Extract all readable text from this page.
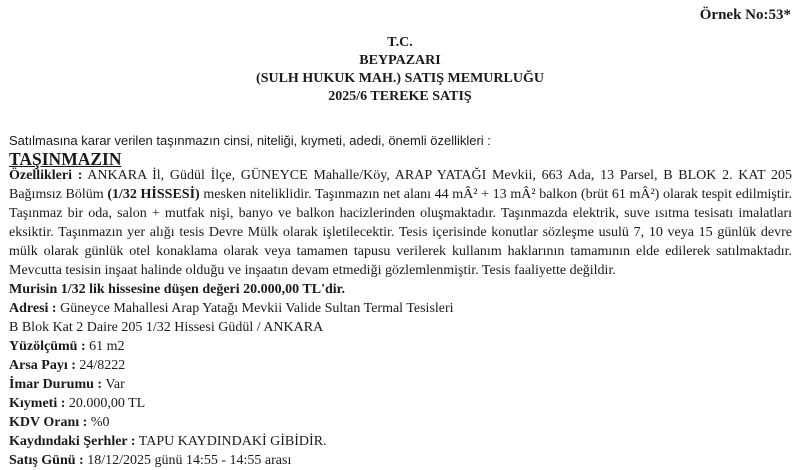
Örnek No:53*
T.C.
BEYPAZARI
(SULH HUKUK MAH.) SATIŞ MEMURLUĞU
2025/6 TEREKE SATIŞ
Satılmasına karar verilen taşınmazın cinsi, niteliği, kıymeti, adedi, önemli özellikleri :
TAŞINMAZIN
Özellikleri : ANKARA İl, Güdül İlçe, GÜNEYCE Mahalle/Köy, ARAP YATAĞI Mevkii, 663 Ada, 13 Parsel, B BLOK 2. KAT 205 Bağımsız Bölüm (1/32 HİSSESİ) mesken niteliklidir. Taşınmazın net alanı 44 mÂ² + 13 mÂ² balkon (brüt 61 mÂ²) olarak tespit edilmiştir. Taşınmaz bir oda, salon + mutfak nişi, banyo ve balkon hacizlerinden oluşmaktadır. Taşınmazda elektrik, suve ısıtma tesisatı imalatları eksiktir. Taşınmazın yer alığı tesis Devre Mülk olarak işletilecektir. Tesis içerisinde konutlar sözleşme usulü 7, 10 veya 15 günlük devre mülk olarak günlük otel konaklama olarak veya tamamen tapusu verilerek kullanım haklarının tamamının elde edilerek satılmaktadır. Mevcutta tesisin inşaat halinde olduğu ve inşaatın devam etmediği gözlemlenmiştir. Tesis faaliyette değildir.
Murisin 1/32 lik hissesine düşen değeri 20.000,00 TL'dir.
Adresi : Güneyce Mahallesi Arap Yatağı Mevkii Valide Sultan Termal Tesisleri
B Blok Kat 2 Daire 205 1/32 Hissesi Güdül / ANKARA
Yüzölçümü : 61 m2
Arsa Payı : 24/8222
İmar Durumu : Var
Kıymeti : 20.000,00 TL
KDV Oranı : %0
Kaydındaki Şerhler : TAPU KAYDINDAKİ GİBİDİR.
Satış Günü : 18/12/2025 günü 14:55 - 14:55 arası
